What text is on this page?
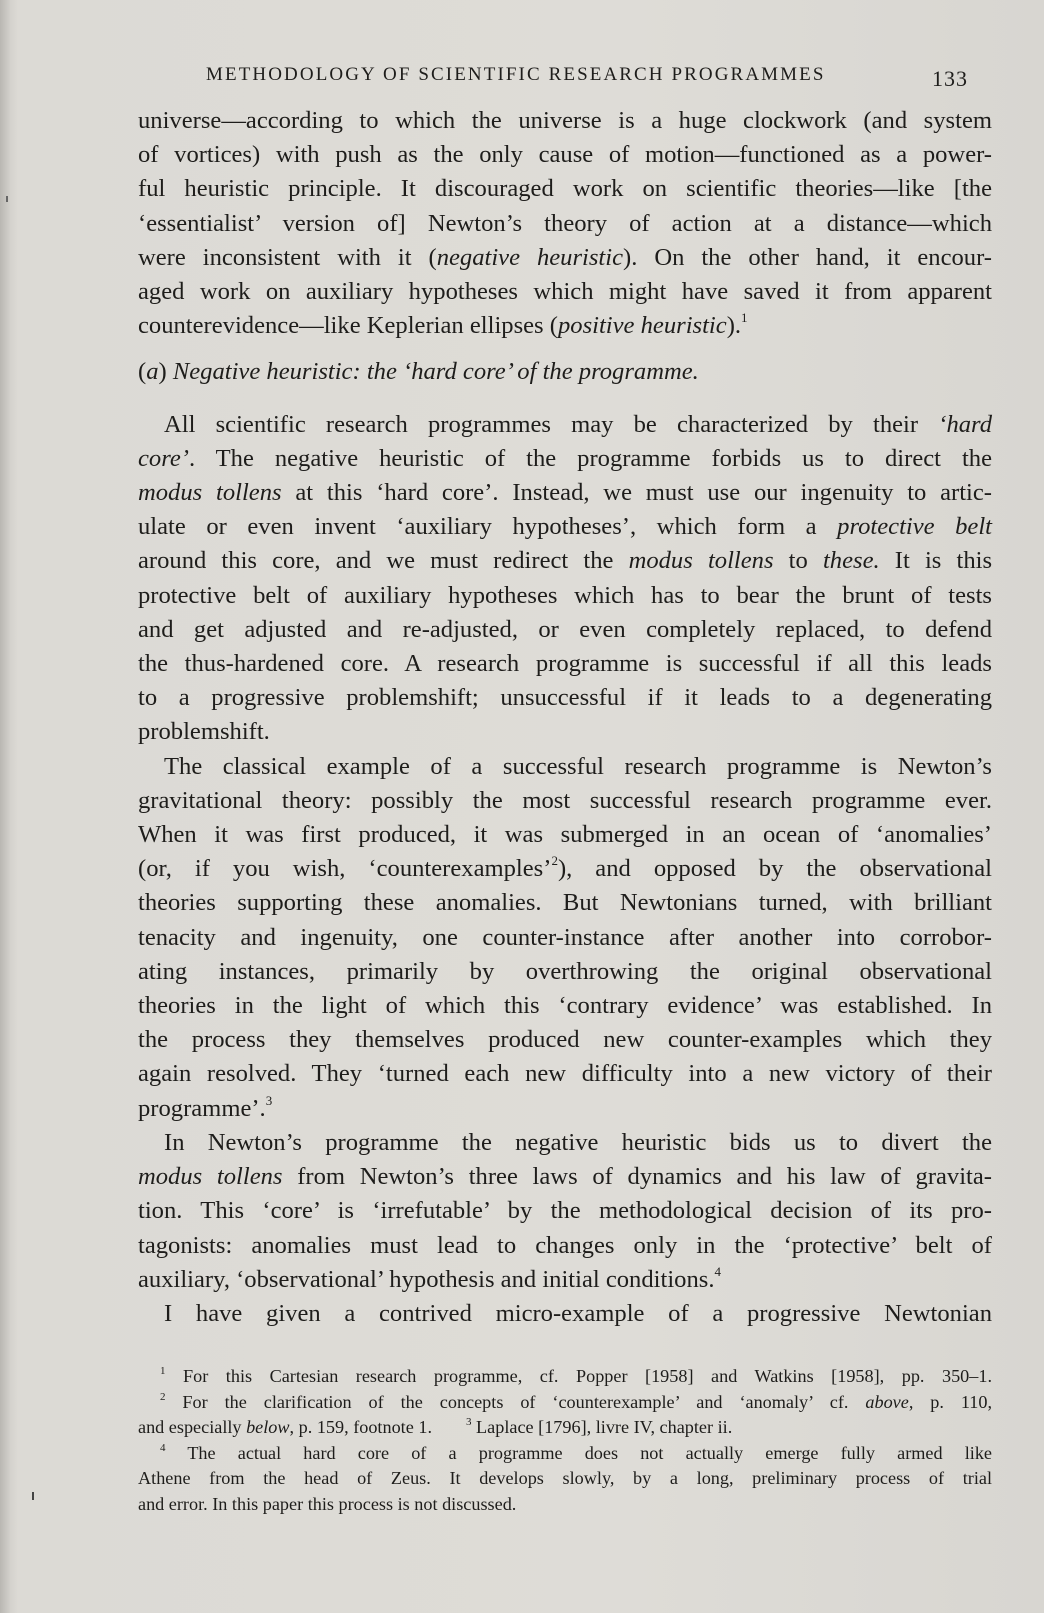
METHODOLOGY OF SCIENTIFIC RESEARCH PROGRAMMES	133
universe—according to which the universe is a huge clockwork (and system
of vortices) with push as the only cause of motion—functioned as a power-
ful heuristic principle. It discouraged work on scientific theories—like [the
‘essentialist’ version of] Newton’s theory of action at a distance—which
were inconsistent with it (negative heuristic). On the other hand, it encour-
aged work on auxiliary hypotheses which might have saved it from apparent
counterevidence—like Keplerian ellipses (positive heuristic).$^1$
(a) Negative heuristic: the ‘hard core’ of the programme.
All scientific research programmes may be characterized by their ‘hard
core’. The negative heuristic of the programme forbids us to direct the
modus tollens at this ‘hard core’. Instead, we must use our ingenuity to artic-
ulate or even invent ‘auxiliary hypotheses’, which form a protective belt
around this core, and we must redirect the modus tollens to these. It is this
protective belt of auxiliary hypotheses which has to bear the brunt of tests
and get adjusted and re-adjusted, or even completely replaced, to defend
the thus-hardened core. A research programme is successful if all this leads
to a progressive problemshift; unsuccessful if it leads to a degenerating
problemshift.
The classical example of a successful research programme is Newton’s
gravitational theory: possibly the most successful research programme ever.
When it was first produced, it was submerged in an ocean of ‘anomalies’
(or, if you wish, ‘counterexamples’$^2$), and opposed by the observational
theories supporting these anomalies. But Newtonians turned, with brilliant
tenacity and ingenuity, one counter-instance after another into corrobor-
ating instances, primarily by overthrowing the original observational
theories in the light of which this ‘contrary evidence’ was established. In
the process they themselves produced new counter-examples which they
again resolved. They ‘turned each new difficulty into a new victory of their
programme’.$^3$
In Newton’s programme the negative heuristic bids us to divert the
modus tollens from Newton’s three laws of dynamics and his law of gravita-
tion. This ‘core’ is ‘irrefutable’ by the methodological decision of its pro-
tagonists: anomalies must lead to changes only in the ‘protective’ belt of
auxiliary, ‘observational’ hypothesis and initial conditions.$^4$
I have given a contrived micro-example of a progressive Newtonian
$^1$ For this Cartesian research programme, cf. Popper [1958] and Watkins [1958], pp. 350–1.
$^2$ For the clarification of the concepts of ‘counterexample’ and ‘anomaly’ cf. above, p. 110,
and especially below, p. 159, footnote 1.	$^3$ Laplace [1796], livre IV, chapter ii.
$^4$ The actual hard core of a programme does not actually emerge fully armed like
Athene from the head of Zeus. It develops slowly, by a long, preliminary process of trial
and error. In this paper this process is not discussed.
